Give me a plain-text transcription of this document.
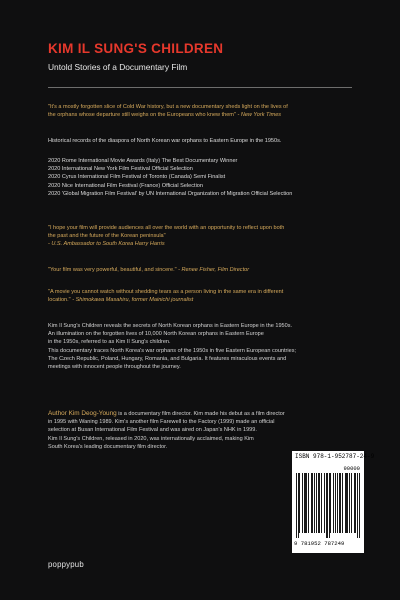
KIM IL SUNG'S CHILDREN
Untold Stories of a Documentary Film

"It's a mostly forgotten slice of Cold War history, but a new documentary sheds light on the lives of

the orphans whose departure still weighs on the Europeans who knew them" - New York Times

Historical records of the diaspora of North Korean war orphans to Eastern Europe in the 1950s.
2020 Rome International Movie Awards (Italy) The Best Documentary Winner
2020 International New York Film Festival Official Selection
2020 Cyrus International Film Festival of Toronto (Canada) Semi Finalist
2020 Nice International Film Festival (France) Official Selection
2020 'Global Migration Film Festival' by UN International Organization of Migration Official Selection

"I hope your film will provide audiences all over the world with an opportunity to reflect upon both

the past and the future of the Korean peninsula"

- U.S. Ambassador to South Korea Harry Harris

"Your film was very powerful, beautiful, and sincere." - Renee Fisher, Film Director

"A movie you cannot watch without shedding tears as a person living in the same era in different

location." - Shimokawa Masahiru, former Mainichi journalist

Kim Il Sung's Children reveals the secrets of North Korean orphans in Eastern Europe in the 1950s.
An illumination on the forgotten lives of 10,000 North Korean orphans in Eastern Europe
in the 1950s, referred to as Kim Il Sung's children.
This documentary traces North Korea's war orphans of the 1950s in five Eastern European countries;
The Czech Republic, Poland, Hungary, Romania, and Bulgaria. It features miraculous events and
meetings with innocent people throughout the journey.
Author Kim Deog-Young is a documentary film director. Kim made his debut as a film director
in 1995 with Waning 1989. Kim's another film Farewell to the Factory (1999) made an official
selection at Busan International Film Festival and was aired on Japan's NHK in 1999.
Kim Il Sung's Children, released in 2020, was internationally acclaimed, making Kim
South Korea's leading documentary film director.
ISBN 978-1-952787-24-9
90000
9 781952 787249
poppypub
